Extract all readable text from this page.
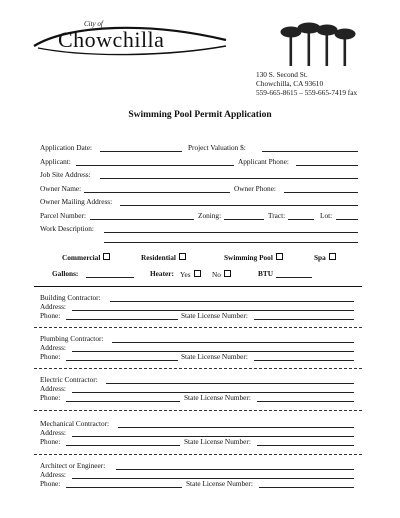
City of
Chowchilla
130 S. Second St.
Chowchilla, CA 93610
559-665-8615 – 559-665-7419 fax
Swimming Pool Permit Application
Application Date:	Project Valuation $:
Applicant:	Applicant Phone:
Job Site Address:
Owner Name:	Owner Phone:
Owner Mailing Address:
Parcel Number:	Zoning:	Tract:	Lot:
Work Description:
Commercial	Residential	Swimming Pool	Spa
Gallons:	Heater: Yes	No	BTU
Building Contractor:
Address:
Phone:	State License Number:
Plumbing Contractor:
Address:
Phone:	State License Number:
Electric Contractor:
Address:
Phone:	State License Number:
Mechanical Contractor:
Address:
Phone:	State License Number:
Architect or Engineer:
Address:
Phone:	State License Number:
